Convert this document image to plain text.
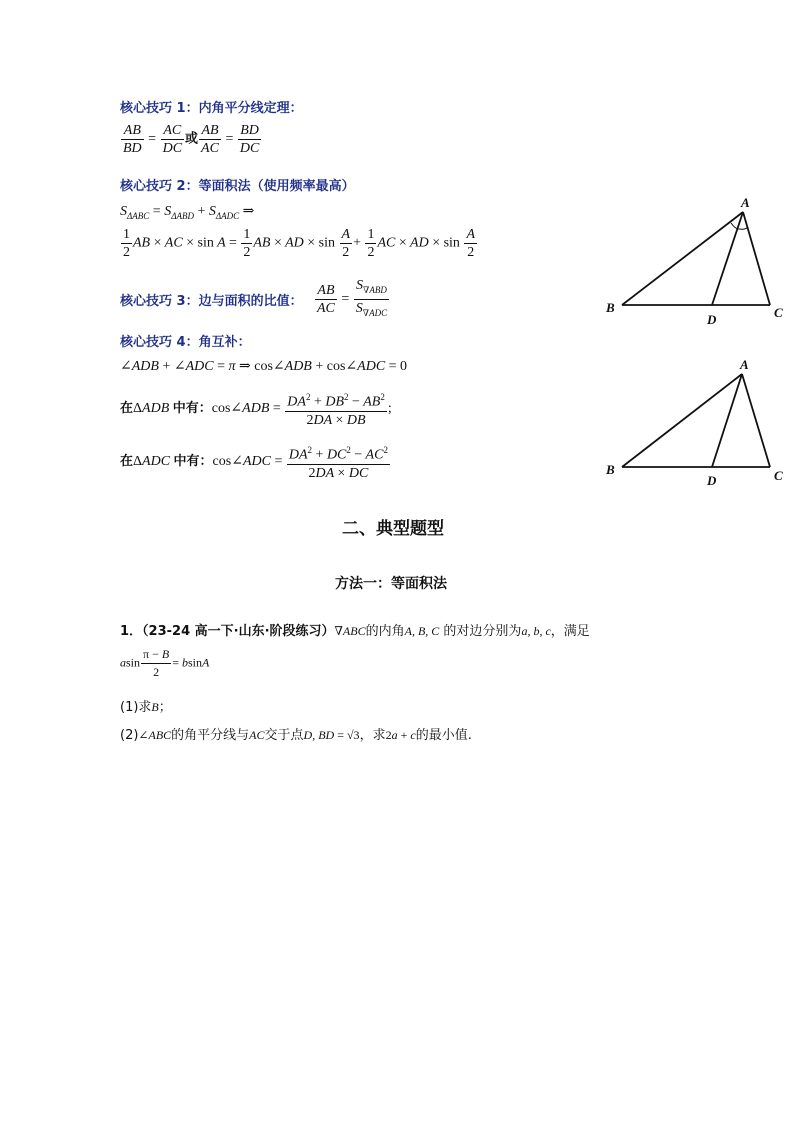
核心技巧 1：内角平分线定理：
$\frac{AB}{BD} = \frac{AC}{DC}$ 或 $\frac{AB}{AC} = \frac{BD}{DC}$
核心技巧 2：等面积法（使用频率最高）
$S_{\Delta ABC} = S_{\Delta ABD} + S_{\Delta ADC}$ ⇒
$\frac{1}{2}$ AB × AC × $\sin A = \frac{1}{2}$ AB × AD × $\sin \frac{A}{2} + \frac{1}{2}$ AC × AD × $\sin \frac{A}{2}$
核心技巧 3：边与面积的比值： $\frac{AB}{AC} = \frac{S_{\nabla ABD}}{S_{\nabla ADC}}$
核心技巧 4：角互补：
∠ADB + ∠ADC = π ⇒ cos∠ADB + cos∠ADC = 0
在ΔADB 中有：cos∠ADB = $\frac{DA^2 + DB^2 - AB^2}{2DA \times DB}$ ;
在ΔADC 中有：cos∠ADC = $\frac{DA^2 + DC^2 - AC^2}{2DA \times DC}$
A
B
D	C
A
B
D	C
二、典型题型
方法一：等面积法
1．（23-24 高一下·山东·阶段练习）∇ABC的内角A, B, C 的对边分别为a, b, c，满足
asin $\frac{\pi - B}{2} = bsinA$
(1)求B；
(2)∠ABC的角平分线与AC交于点D, BD = √3，求2a + c的最小值.
